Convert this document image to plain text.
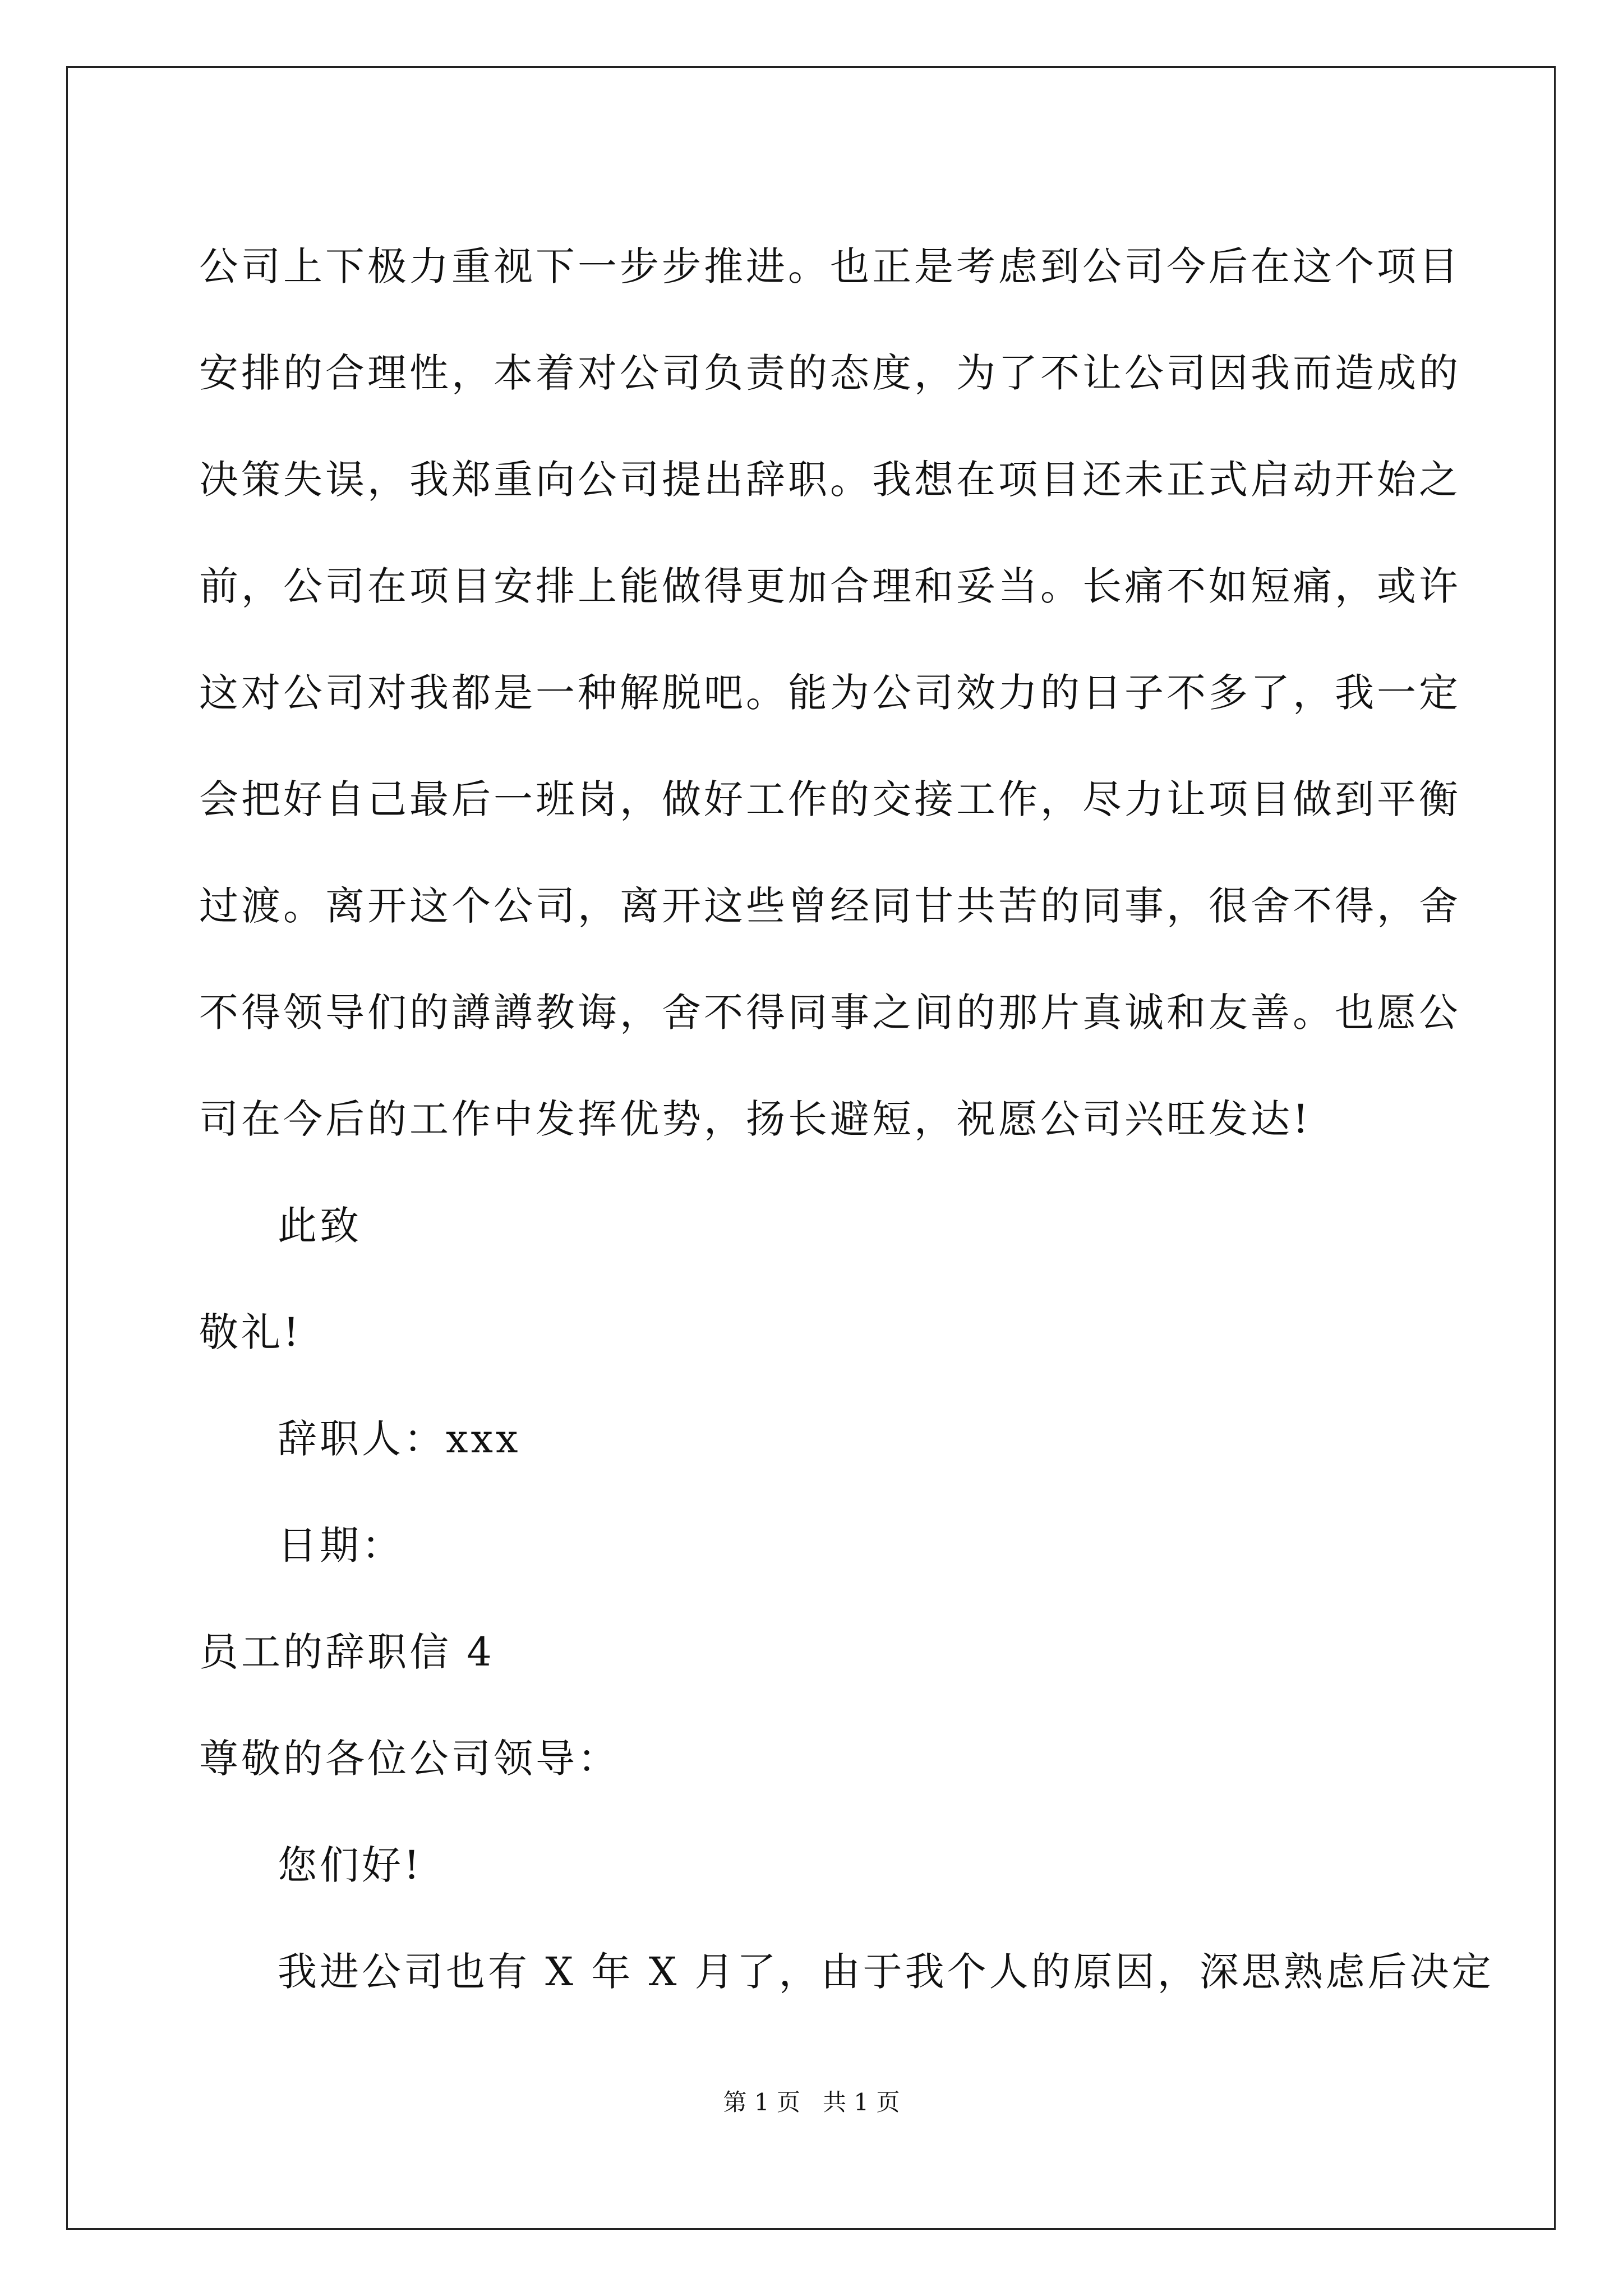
公司上下极力重视下一步步推进。也正是考虑到公司今后在这个项目
安排的合理性，本着对公司负责的态度，为了不让公司因我而造成的
决策失误，我郑重向公司提出辞职。我想在项目还未正式启动开始之
前，公司在项目安排上能做得更加合理和妥当。长痛不如短痛，或许
这对公司对我都是一种解脱吧。能为公司效力的日子不多了，我一定
会把好自己最后一班岗，做好工作的交接工作，尽力让项目做到平衡
过渡。离开这个公司，离开这些曾经同甘共苦的同事，很舍不得，舍
不得领导们的譐譐教诲，舍不得同事之间的那片真诚和友善。也愿公
司在今后的工作中发挥优势，扬长避短，祝愿公司兴旺发达!
此致
敬礼!
辞职人：xxx
日期：
员工的辞职信 4
尊敬的各位公司领导：
您们好!
我进公司也有 X 年 X 月了，由于我个人的原因，深思熟虑后决定
第 1 页   共 1 页
